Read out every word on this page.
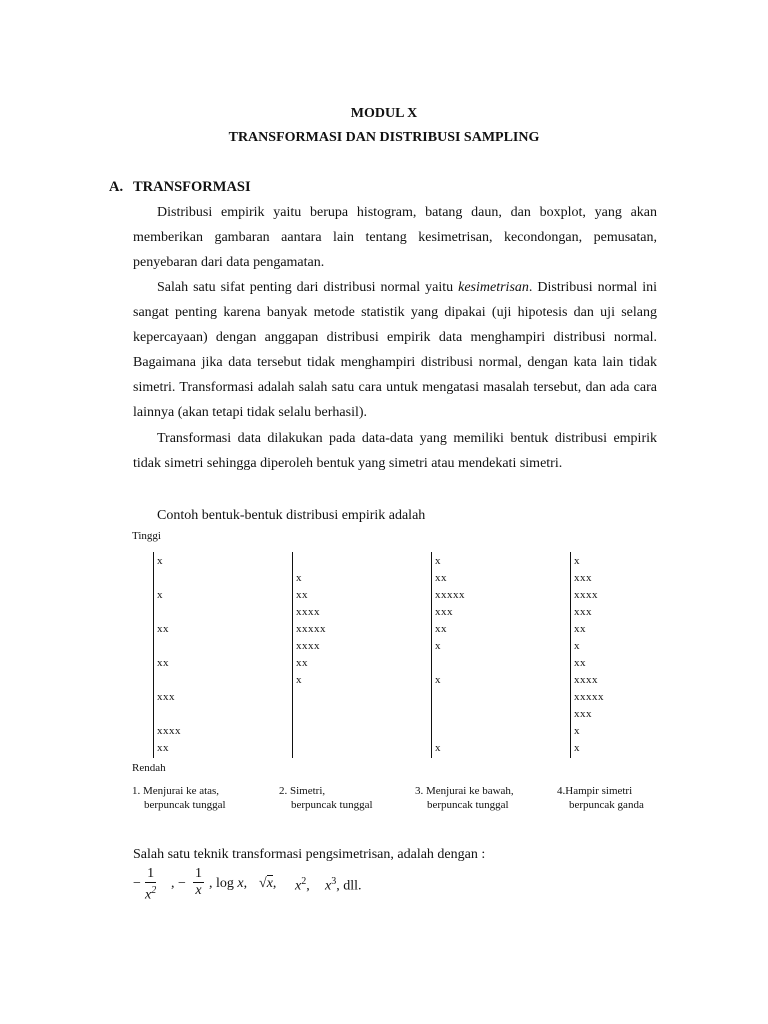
MODUL X
TRANSFORMASI DAN DISTRIBUSI SAMPLING
A. TRANSFORMASI

Distribusi empirik yaitu berupa histogram, batang daun, dan boxplot, yang akan memberikan gambaran aantara lain tentang kesimetrisan, kecondongan, pemusatan, penyebaran dari data pengamatan.

Salah satu sifat penting dari distribusi normal yaitu kesimetrisan. Distribusi normal ini sangat penting karena banyak metode statistik yang dipakai (uji hipotesis dan uji selang kepercayaan) dengan anggapan distribusi empirik data menghampiri distribusi normal. Bagaimana jika data tersebut tidak menghampiri distribusi normal, dengan kata lain tidak simetri. Transformasi adalah salah satu cara untuk mengatasi masalah tersebut, dan ada cara lainnya (akan tetapi tidak selalu berhasil).

Transformasi data dilakukan pada data-data yang memiliki bentuk distribusi empirik tidak simetri sehingga diperoleh bentuk yang simetri atau mendekati simetri.

Contoh bentuk-bentuk distribusi empirik adalah

Tinggi
Rendah
x
x
xx
xx
xxx
xxxx
xx
1. Menjurai ke atas,
berpuncak tunggal
x
xx
xxxx
xxxxx
xxxx
xx
x
2. Simetri,
berpuncak tunggal
x
xx
xxxxx
xxx
xx
x
x
x
3. Menjurai ke bawah,
berpuncak tunggal
x
xxx
xxxx
xxx
xx
x
xx
xxxx
xxxxx
xxx
x
x
4.Hampir simetri
berpuncak ganda
− $\frac{1}{x^2}$ , − $\frac{1}{x}$ , log x, √x, $x^2$, $x^3$, dll.
Salah satu teknik transformasi pengsimetrisan, adalah dengan :
